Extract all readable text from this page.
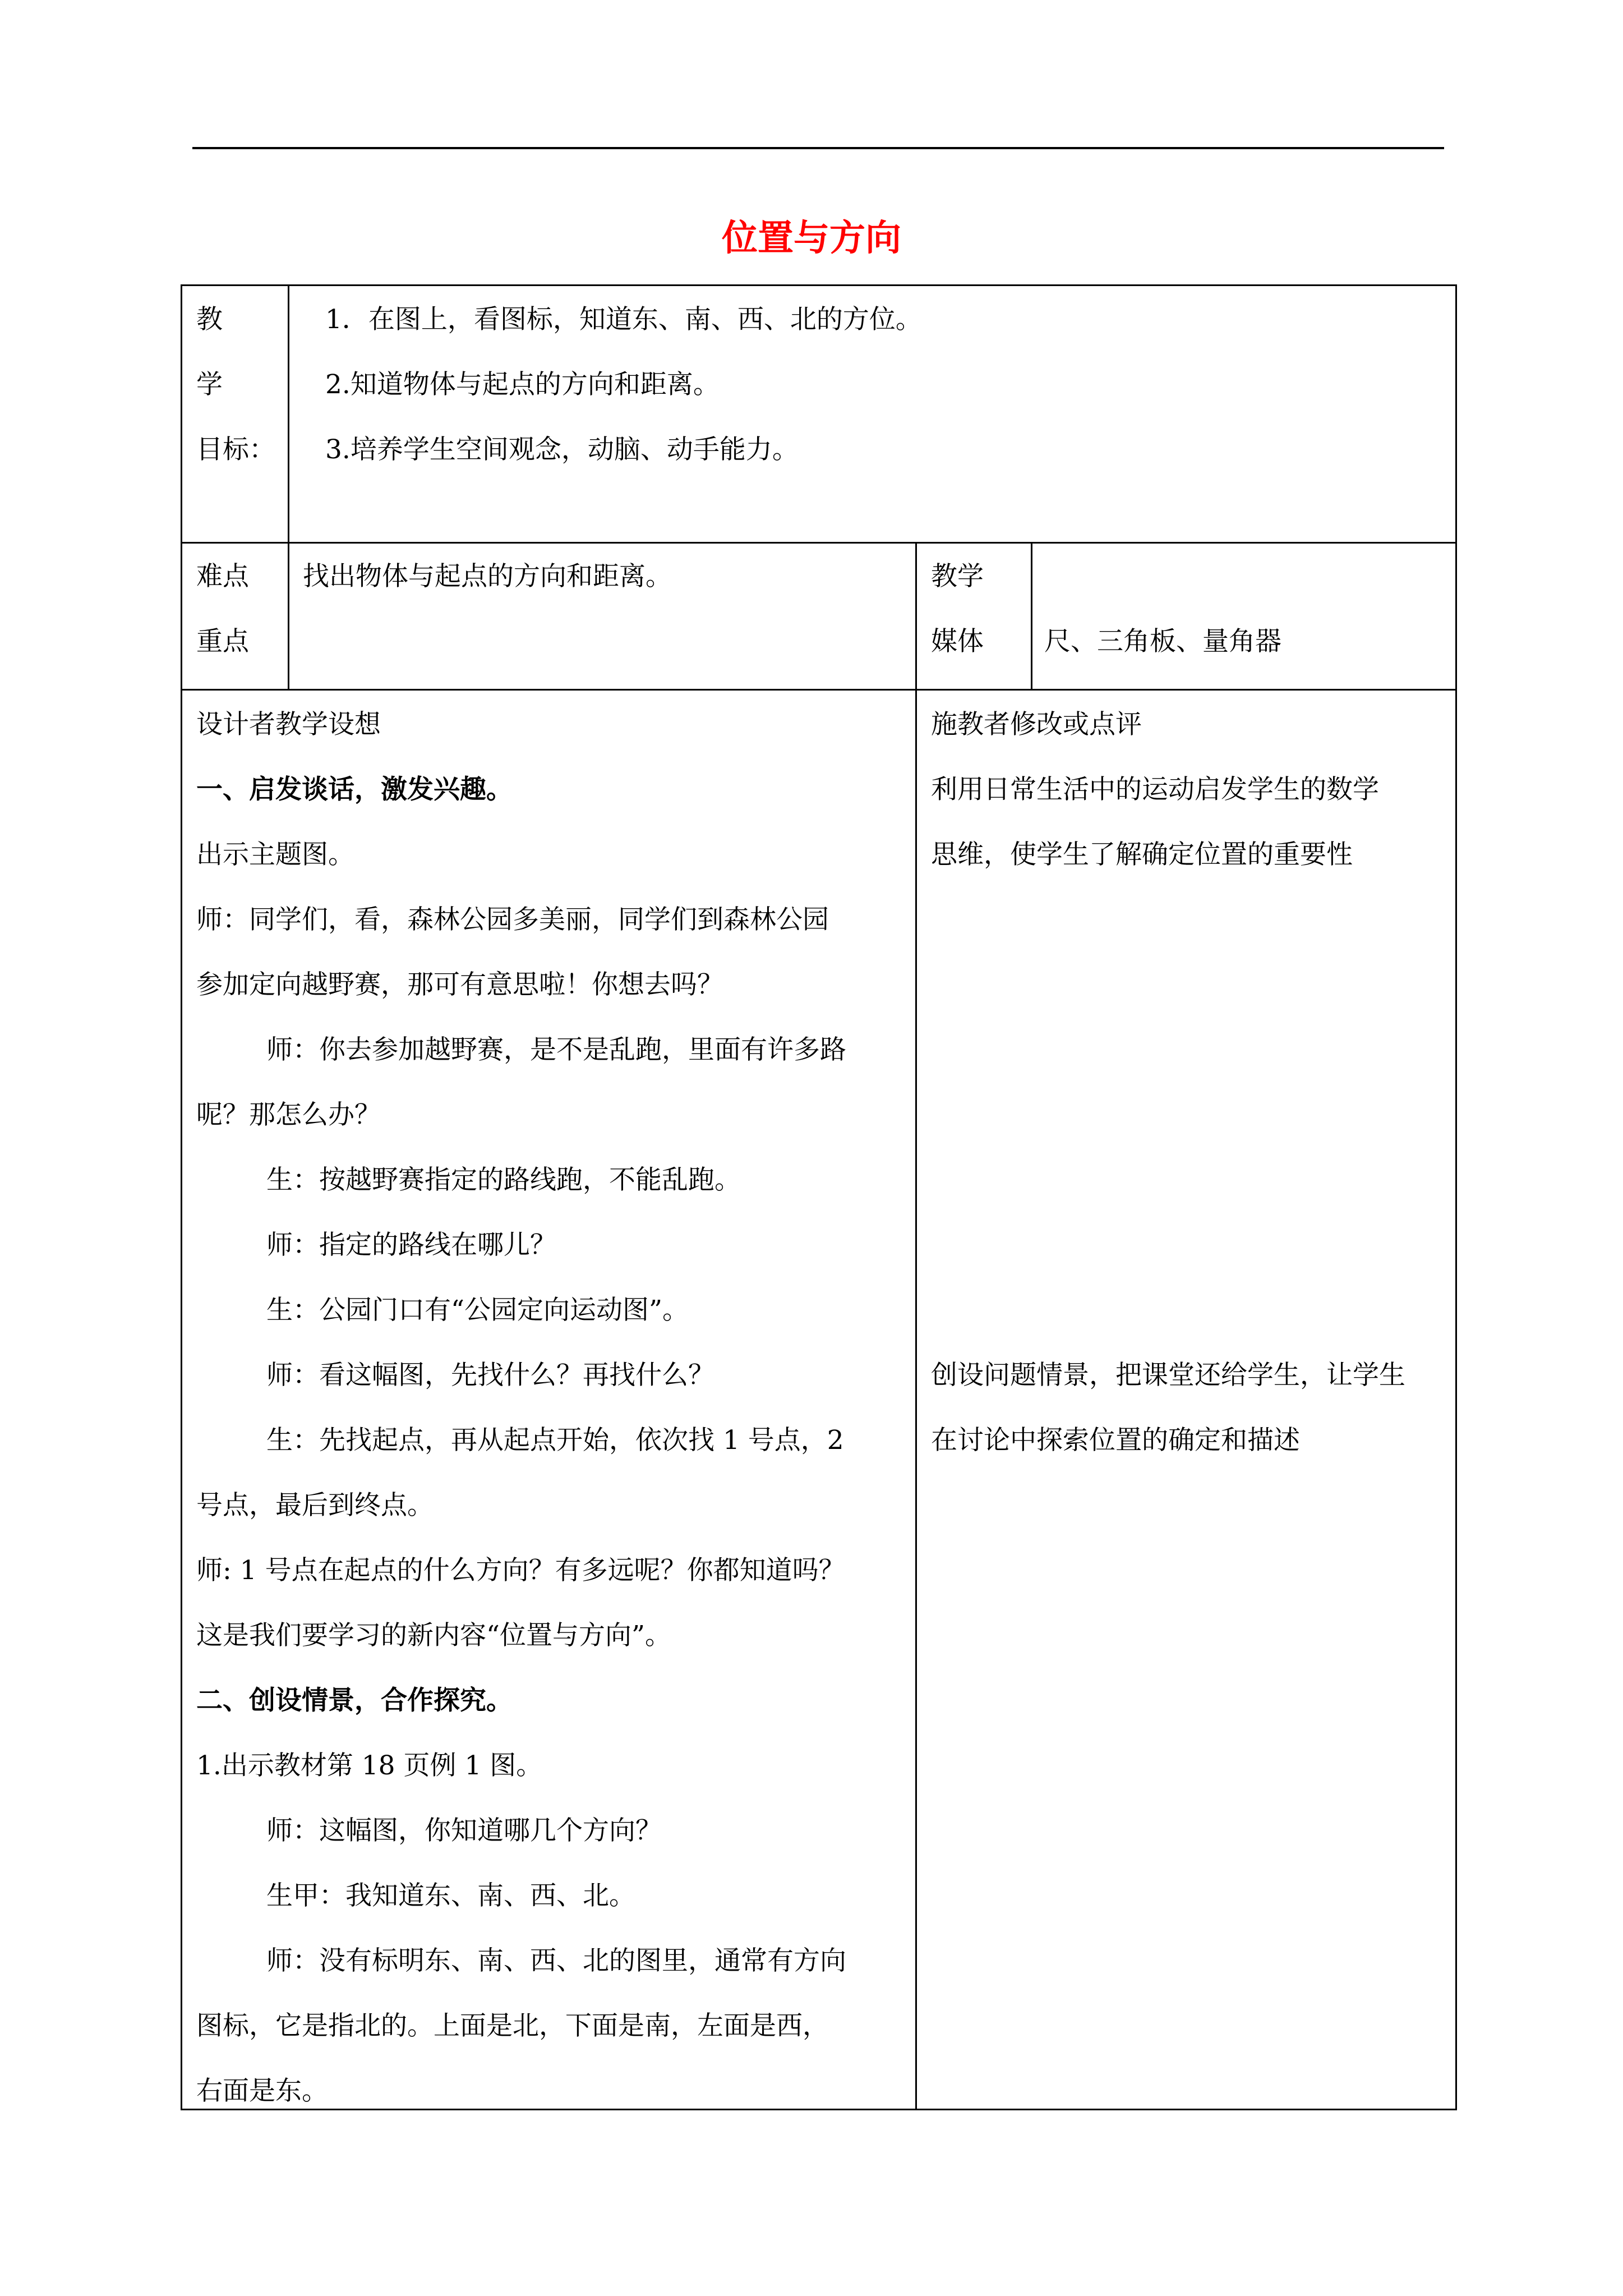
位置与方向
教
学
目标：
1．在图上，看图标，知道东、南、西、北的方位。
2.知道物体与起点的方向和距离。
3.培养学生空间观念，动脑、动手能力。
难点
重点
找出物体与起点的方向和距离。	教学
媒体 尺、三角板、量角器
设计者教学设想
一、启发谈话，激发兴趣。
出示主题图。
师：同学们，看，森林公园多美丽，同学们到森林公园
参加定向越野赛，那可有意思啦！你想去吗？
师：你去参加越野赛，是不是乱跑，里面有许多路
呢？那怎么办？
生：按越野赛指定的路线跑，不能乱跑。
师：指定的路线在哪儿？
生：公园门口有“公园定向运动图”。
师：看这幅图，先找什么？再找什么？
生：先找起点，再从起点开始，依次找 1 号点，2
号点，最后到终点。
师: 1 号点在起点的什么方向？有多远呢？你都知道吗？
这是我们要学习的新内容“位置与方向”。
二、创设情景，合作探究。
1.出示教材第 18 页例 1 图。
师：这幅图，你知道哪几个方向？
生甲：我知道东、南、西、北。
师：没有标明东、南、西、北的图里，通常有方向
图标，它是指北的。上面是北，下面是南，左面是西，
右面是东。
施教者修改或点评
利用日常生活中的运动启发学生的数学
思维，使学生了解确定位置的重要性
创设问题情景，把课堂还给学生，让学生
在讨论中探索位置的确定和描述
